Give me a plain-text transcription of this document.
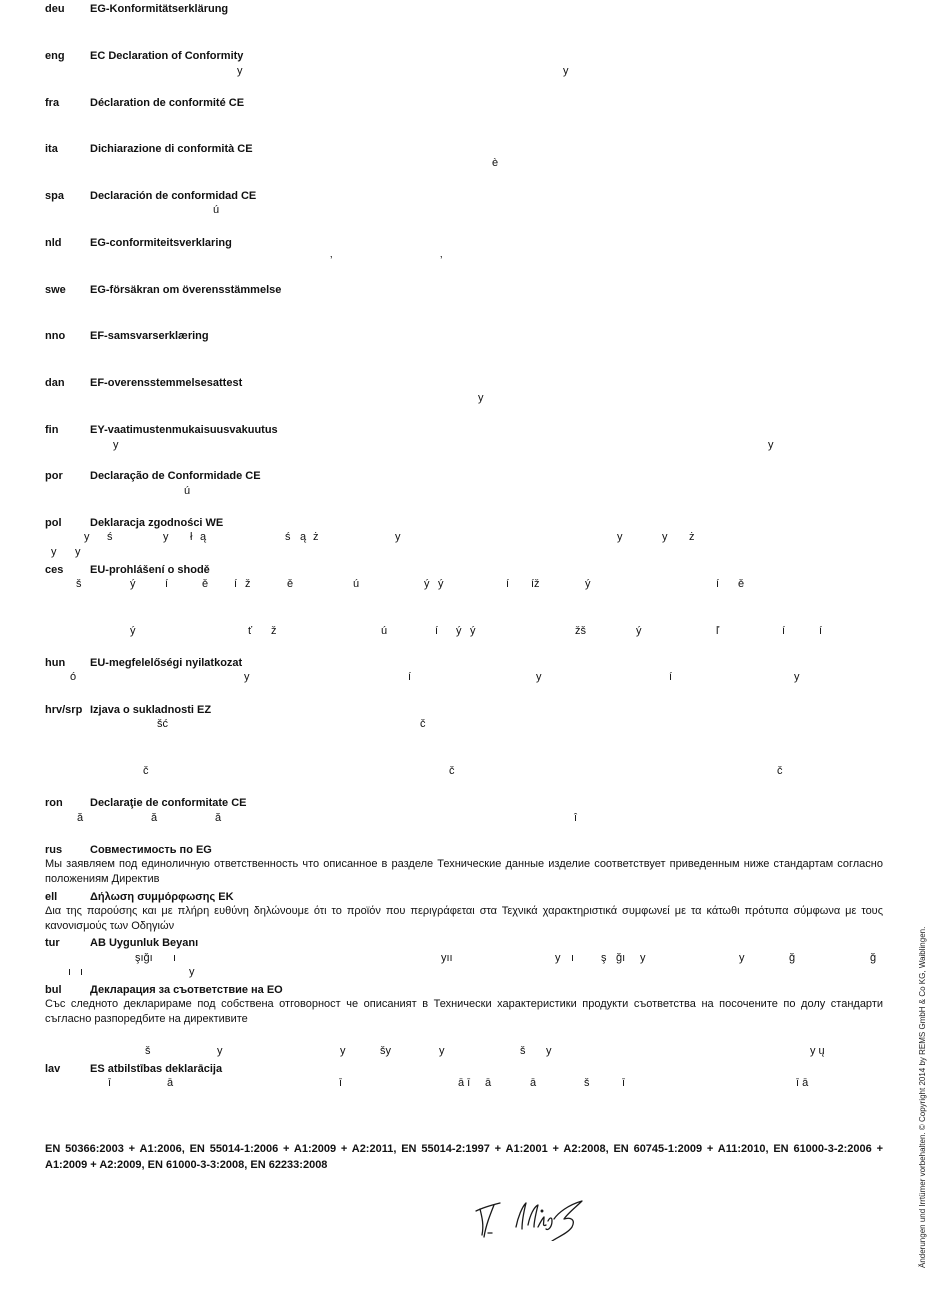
deu EG-Konformitätserklärung
eng EC Declaration of Conformity
y	y
fra	Déclaration de conformité CE
ita	Dichiarazione di conformità CE
è
spa Declaración de conformidad CE
ú
nld	EG-conformiteitsverklaring
‚	‚
swe EG-försäkran om överensstämmelse
nno EF-samsvarserklæring
dan EF-overensstemmelsesattest
y
fin	EY-vaatimustenmukaisuusvakuutus
y	y
por Declaração de Conformidade CE
ú
pol	Deklaracja zgodności WE
y ś	y ł ą	ś ą ż	y	y	y ż
y y
ces EU-prohlášení o shodě
š	ý	í	ě í ž	ě	ú	ý ý	í íž	ý	í ě
ý	ť ž	ú	í ý ý	žš	ý	ľ	í	í
hun EU-megfelelőségi nyilatkozat
ó	y	í	y	í	y
hrv/srp Izjava o sukladnosti EZ
šć	č
č	č	č
ron Declaraţie de conformitate CE
ă	ă	ă	î
rus	Совместимость по EG
Мы заявляем под единоличную ответственность что описанное в разделе Технические данные изделие соответствует приведенным ниже стандартам согласно положениям Директив
ell	Δήλωση συμμόρφωσης EK
Δια της παρούσης και με πλήρη ευθύνη δηλώνουμε ότι το προϊόν που περιγράφεται στα Τεχνικά χαρακτηριστικά συμφωνεί με τα κάτωθι πρότυπα σύμφωνα με τους κανονισμούς των Οδηγιών
tur	AB Uygunluk Beyanı
şığı ı	yıı	y ı ş ğı y	y	ğ	ğ
ı ı	y
bul	Декларация за съответствие на ЕО
Със следното декларираме под собствена отговорност че описаният в Технически характеристики продукти съответства на посочените по долу стандарти съгласно разпоредбите на директивите
š	y	y	šy	y	š y	y ų
lav	ES atbilstības deklarācija
ī	ā	ī	ā ī ā	ā	š	ī	ī ā
EN 50366:2003 + A1:2006, EN 55014-1:2006 + A1:2009 + A2:2011, EN 55014-2:1997 + A1:2001 + A2:2008, EN 60745-1:2009 + A11:2010, EN 61000-3-2:2006 + A1:2009 + A2:2009, EN 61000-3-3:2008, EN 62233:2008	Änderungen und Irrtümer vorbehalten. © Copyright 2014 by REMS GmbH & Co KG, Waiblingen.
